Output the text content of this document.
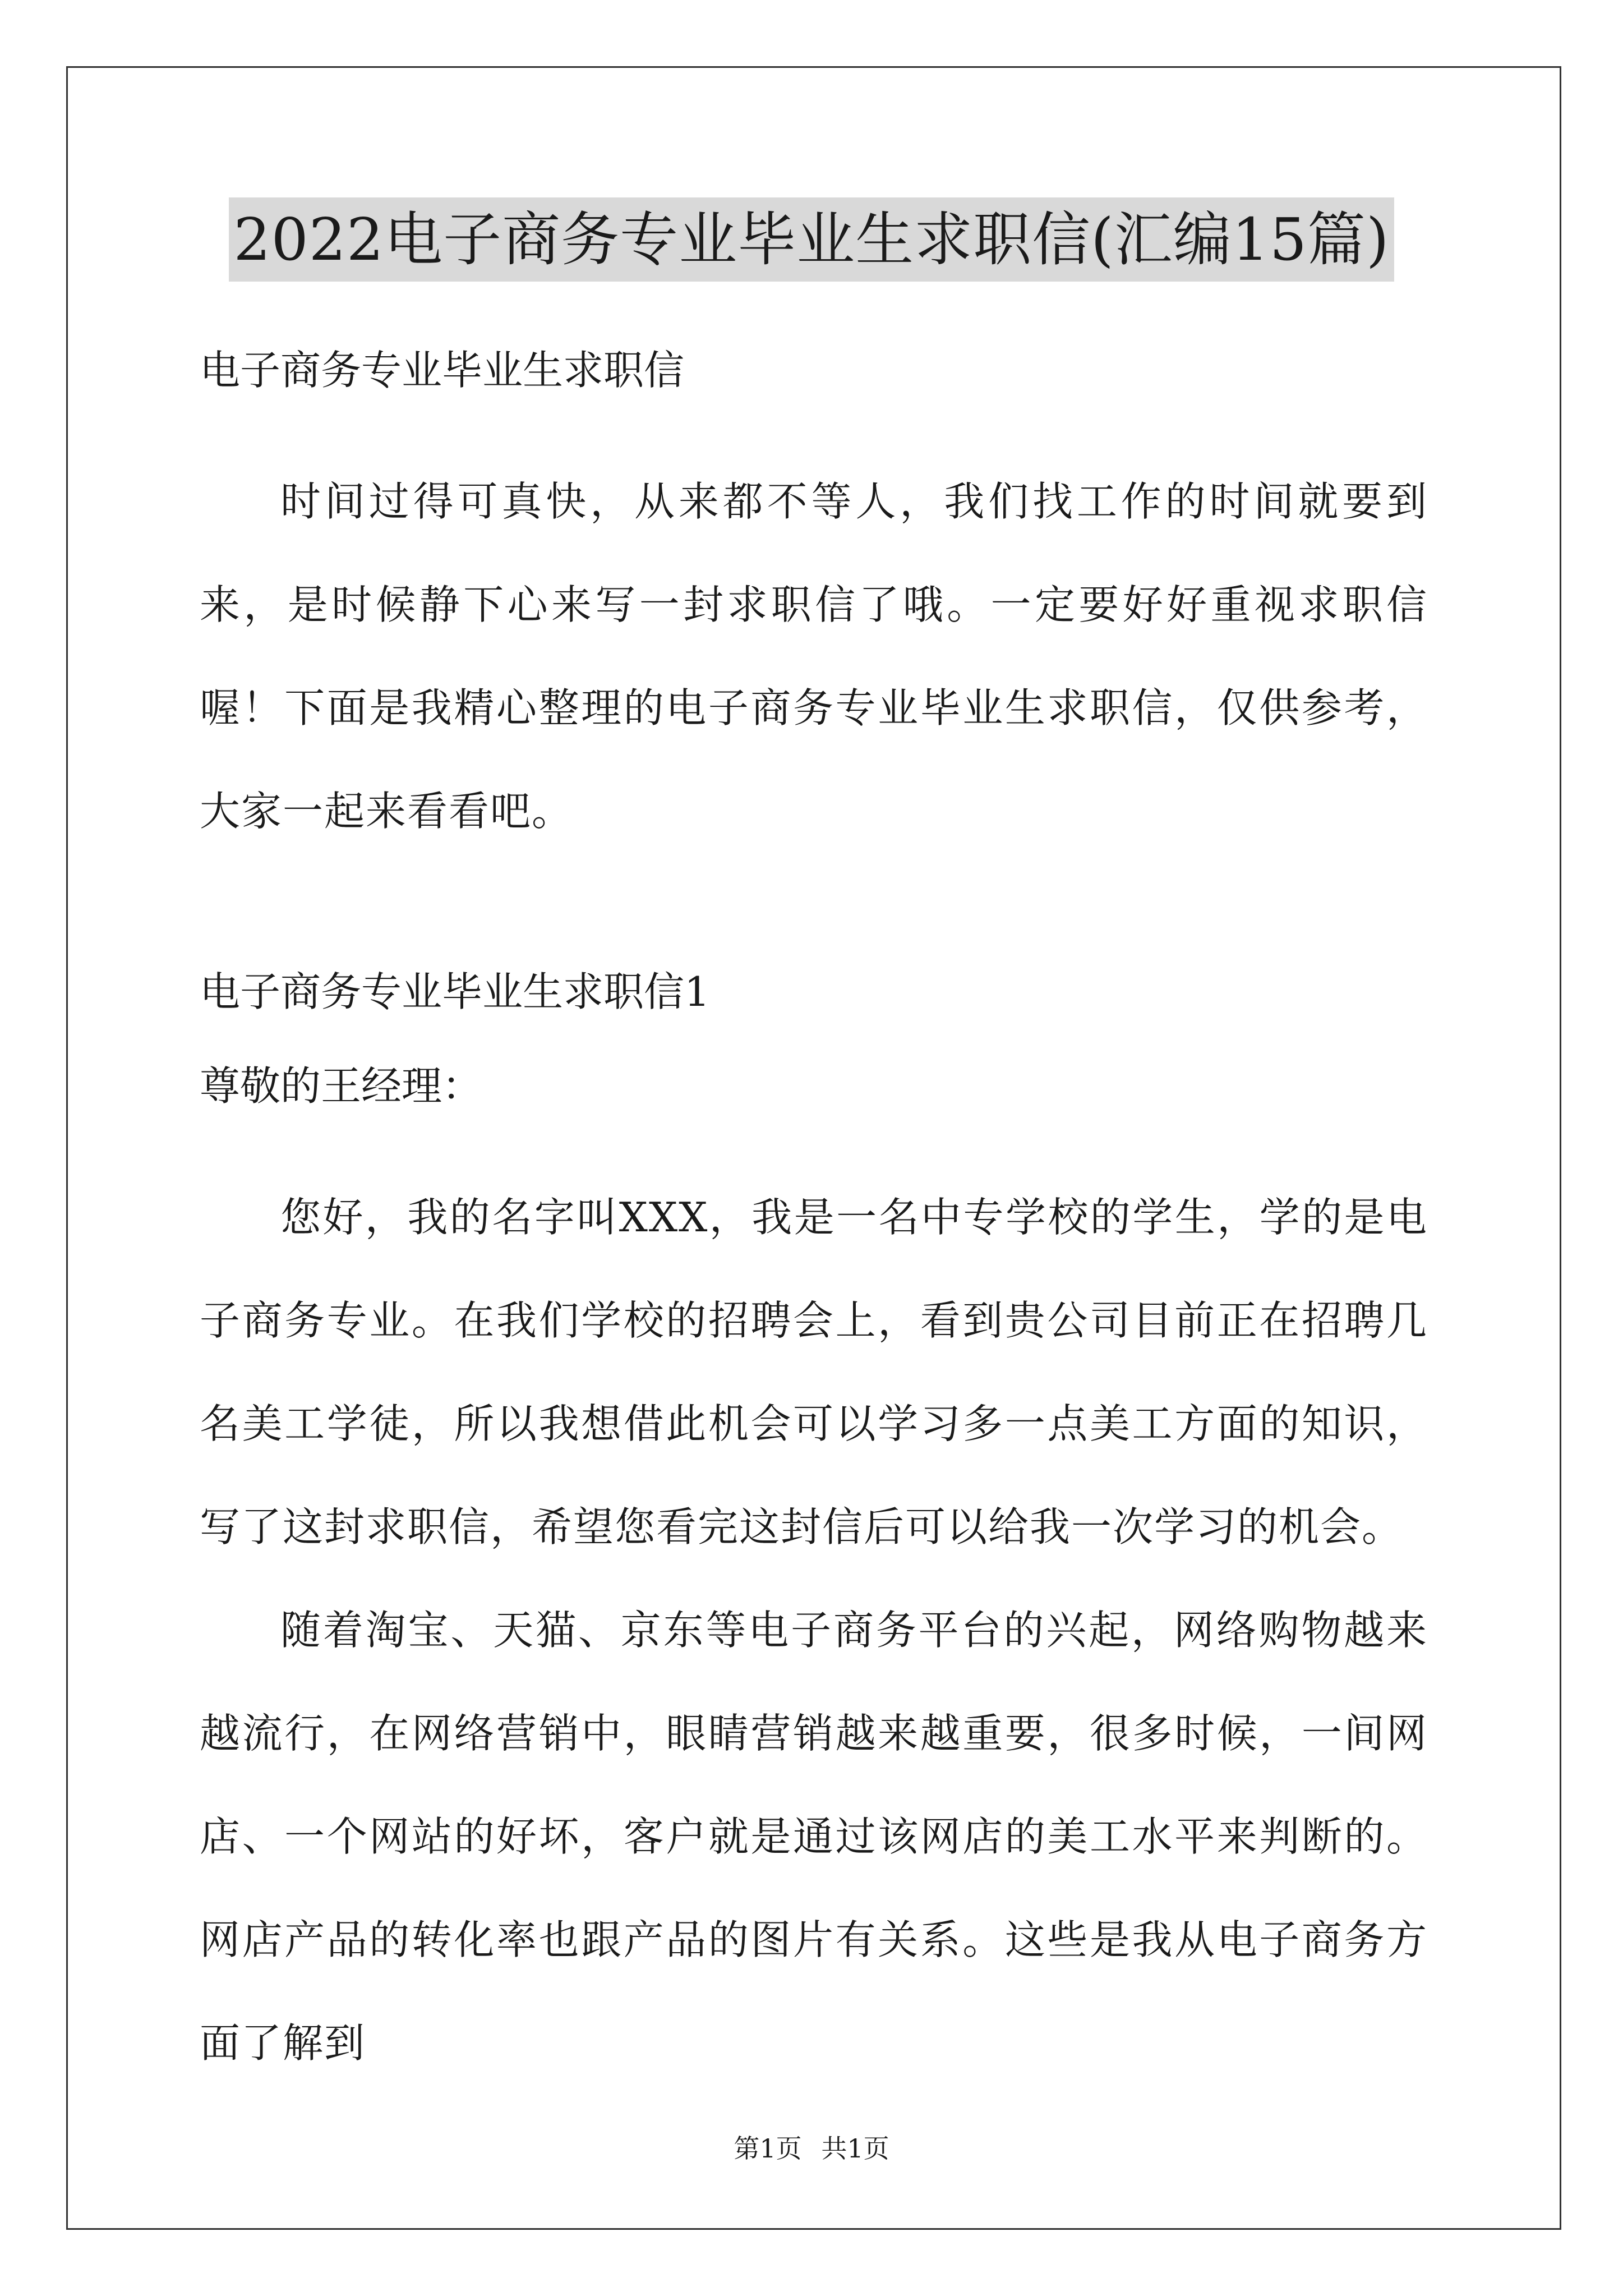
2022电子商务专业毕业生求职信(汇编15篇)
电子商务专业毕业生求职信

时间过得可真快，从来都不等人，我们找工作的时间就要到来，是时候静下心来写一封求职信了哦。一定要好好重视求职信喔！下面是我精心整理的电子商务专业毕业生求职信，仅供参考，大家一起来看看吧。

电子商务专业毕业生求职信1
尊敬的王经理：

您好，我的名字叫XXX，我是一名中专学校的学生，学的是电子商务专业。在我们学校的招聘会上，看到贵公司目前正在招聘几名美工学徒，所以我想借此机会可以学习多一点美工方面的知识，写了这封求职信，希望您看完这封信后可以给我一次学习的机会。

随着淘宝、天猫、京东等电子商务平台的兴起，网络购物越来越流行，在网络营销中，眼睛营销越来越重要，很多时候，一间网店、一个网站的好坏，客户就是通过该网店的美工水平来判断的。网店产品的转化率也跟产品的图片有关系。这些是我从电子商务方面了解到

第1页 共1页
